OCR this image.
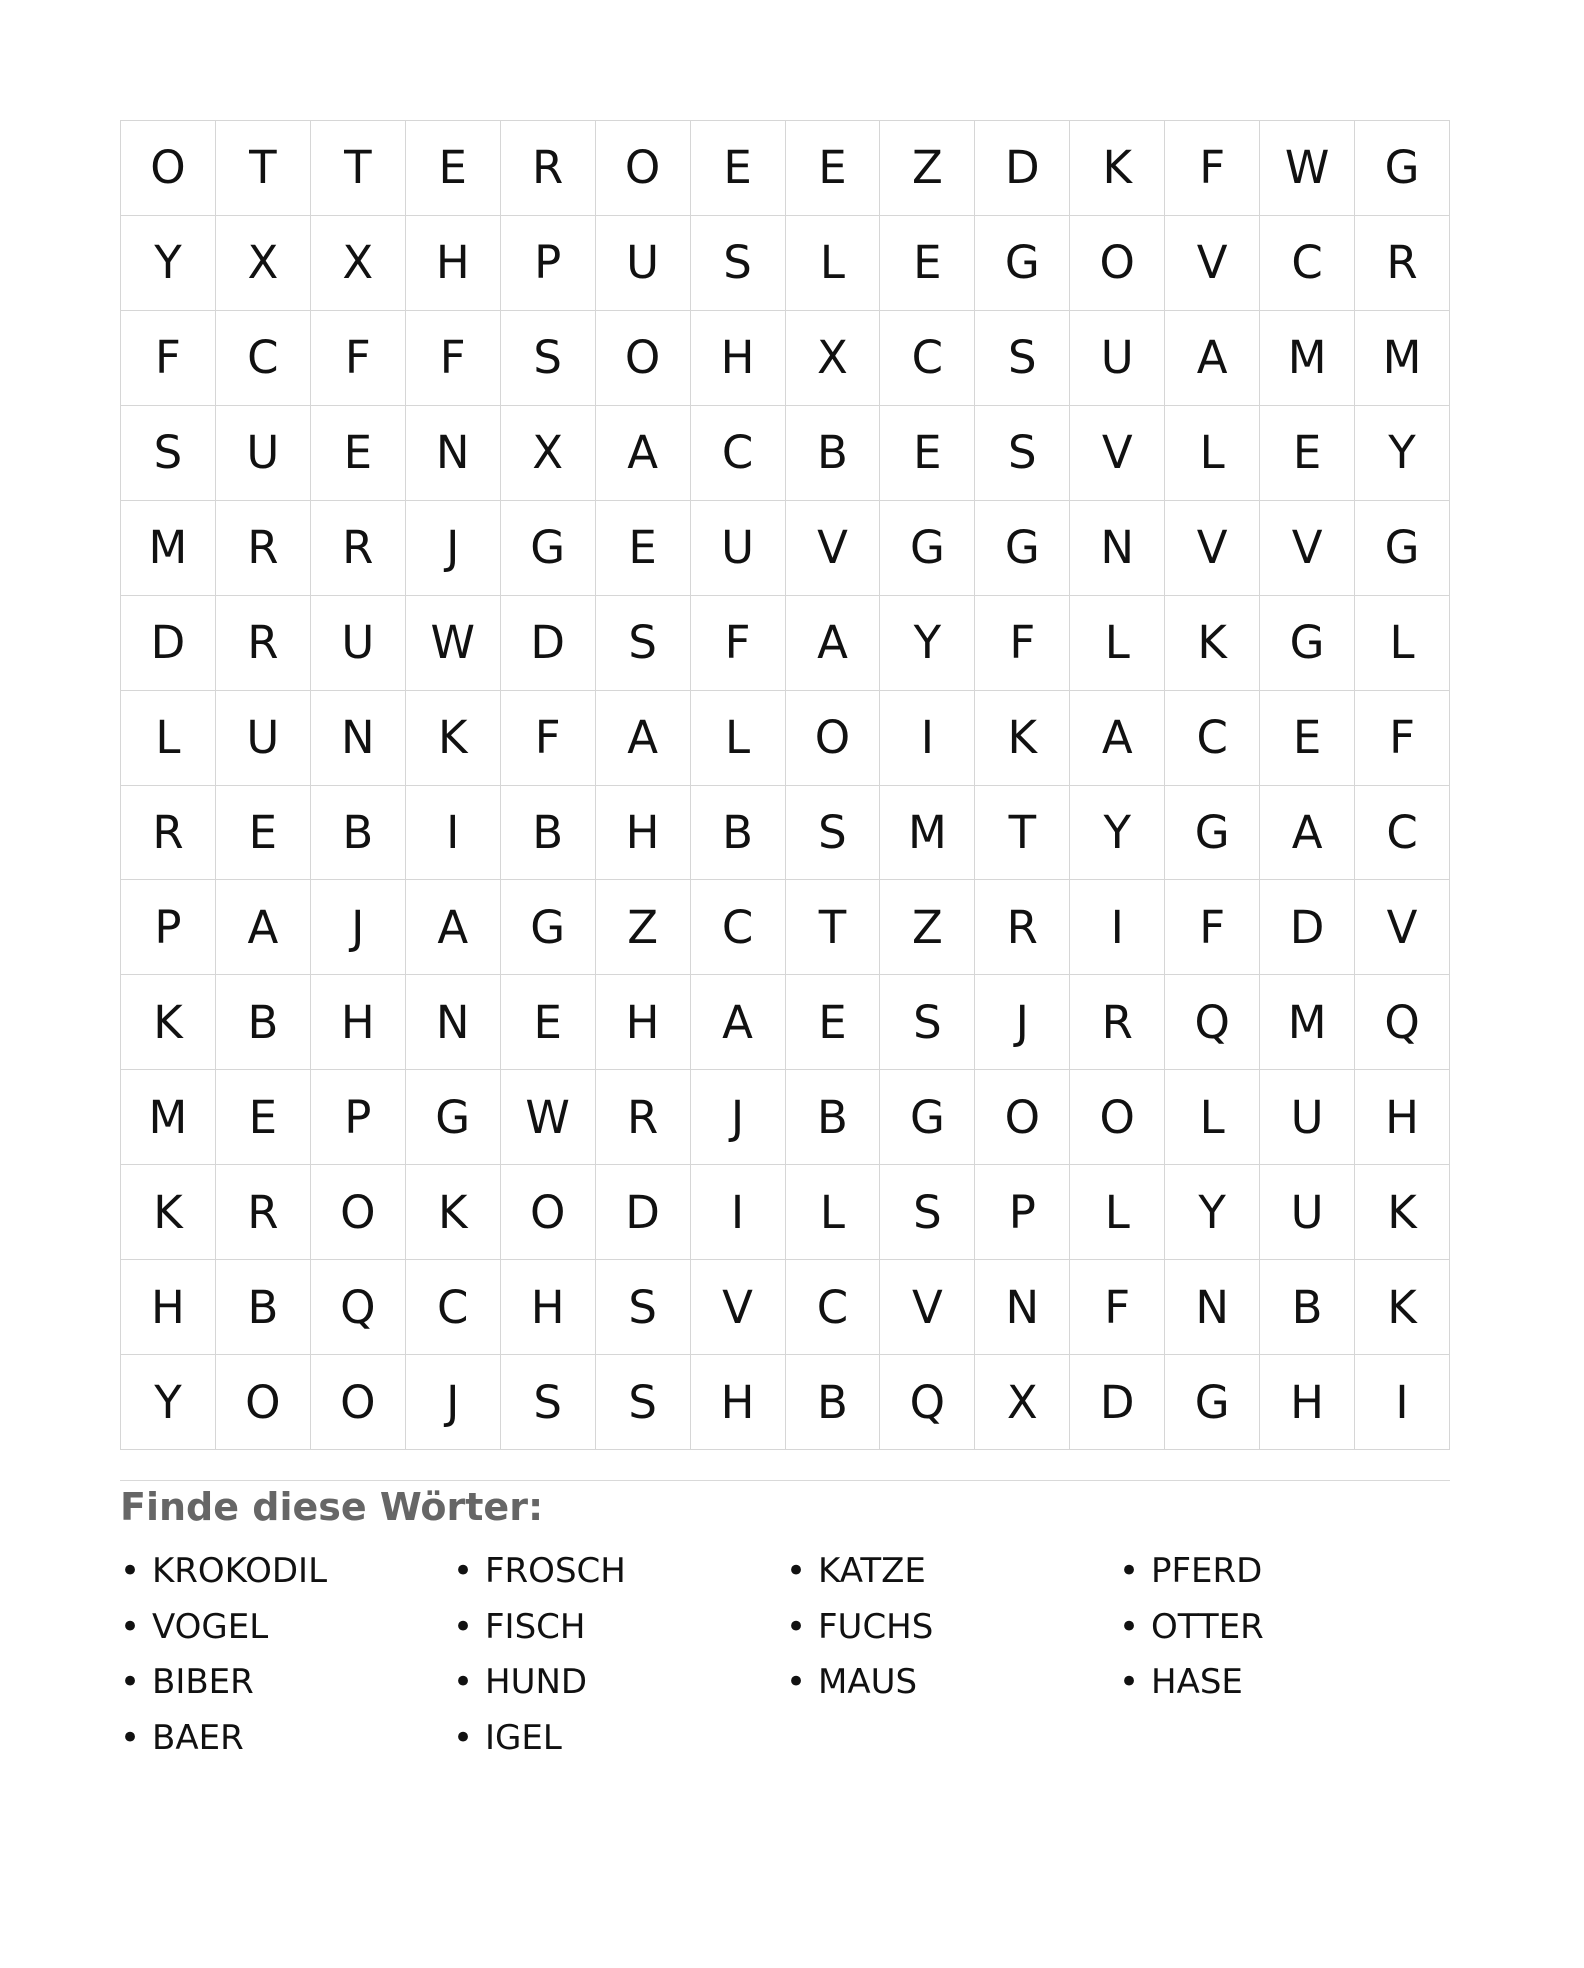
O	T	T	E	R	O	E	E	Z	D	K	F	W	G
Y	X	X	H	P	U	S	L	E	G	O	V	C	R
F	C	F	F	S	O	H	X	C	S	U	A	M	M
S	U	E	N	X	A	C	B	E	S	V	L	E	Y
M	R	R	J	G	E	U	V	G	G	N	V	V	G
D	R	U	W	D	S	F	A	Y	F	L	K	G	L
L	U	N	K	F	A	L	O	I	K	A	C	E	F
R	E	B	I	B	H	B	S	M	T	Y	G	A	C
P	A	J	A	G	Z	C	T	Z	R	I	F	D	V
K	B	H	N	E	H	A	E	S	J	R	Q	M	Q
M	E	P	G	W	R	J	B	G	O	O	L	U	H
K	R	O	K	O	D	I	L	S	P	L	Y	U	K
H	B	Q	C	H	S	V	C	V	N	F	N	B	K
Y	O	O	J	S	S	H	B	Q	X	D	G	H	I
Finde diese Wörter:
• KROKODIL	• FROSCH	• KATZE	• PFERD
• VOGEL	• FISCH	• FUCHS	• OTTER
• BIBER	• HUND	• MAUS	• HASE
• BAER	• IGEL
